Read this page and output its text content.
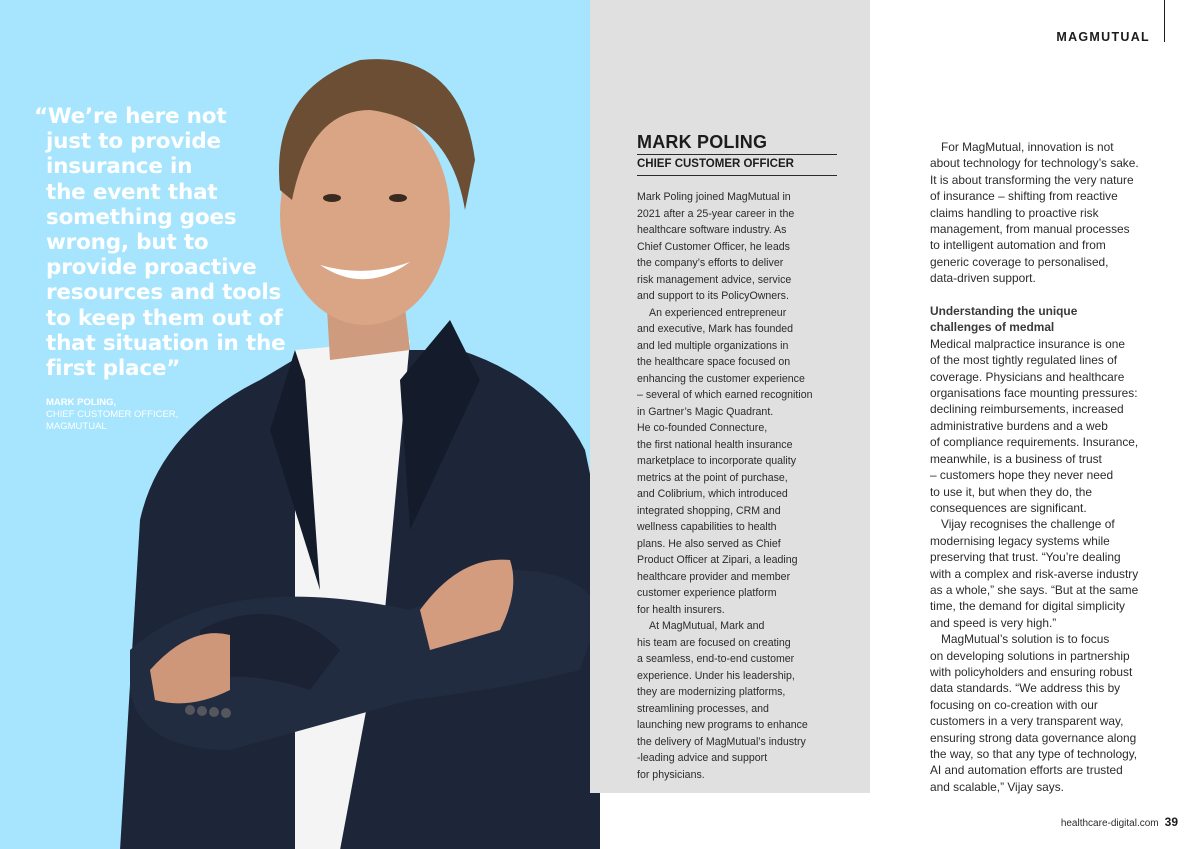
“We’re here not
just to provide
insurance in
the event that
something goes
wrong, but to
provide proactive
resources and tools
to keep them out of
that situation in the
first place”
MARK POLING,
CHIEF CUSTOMER OFFICER,
MAGMUTUAL
MARK POLING
CHIEF CUSTOMER OFFICER
Mark Poling joined MagMutual in
2021 after a 25-year career in the
healthcare software industry. As
Chief Customer Officer, he leads
the company’s efforts to deliver
risk management advice, service
and support to its PolicyOwners.
An experienced entrepreneur
and executive, Mark has founded
and led multiple organizations in
the healthcare space focused on
enhancing the customer experience
– several of which earned recognition
in Gartner’s Magic Quadrant.
He co-founded Connecture,
the first national health insurance
marketplace to incorporate quality
metrics at the point of purchase,
and Colibrium, which introduced
integrated shopping, CRM and
wellness capabilities to health
plans. He also served as Chief
Product Officer at Zipari, a leading
healthcare provider and member
customer experience platform
for health insurers.
At MagMutual, Mark and
his team are focused on creating
a seamless, end-to-end customer
experience. Under his leadership,
they are modernizing platforms,
streamlining processes, and
launching new programs to enhance
the delivery of MagMutual’s industry
-leading advice and support
for physicians.
MAGMUTUAL
For MagMutual, innovation is not
about technology for technology’s sake.
It is about transforming the very nature
of insurance – shifting from reactive
claims handling to proactive risk
management, from manual processes
to intelligent automation and from
generic coverage to personalised,
data-driven support.
Understanding the unique
challenges of medmal
Medical malpractice insurance is one
of the most tightly regulated lines of
coverage. Physicians and healthcare
organisations face mounting pressures:
declining reimbursements, increased
administrative burdens and a web
of compliance requirements. Insurance,
meanwhile, is a business of trust
– customers hope they never need
to use it, but when they do, the
consequences are significant.
Vijay recognises the challenge of
modernising legacy systems while
preserving that trust. “You’re dealing
with a complex and risk-averse industry
as a whole,” she says. “But at the same
time, the demand for digital simplicity
and speed is very high.”
MagMutual’s solution is to focus
on developing solutions in partnership
with policyholders and ensuring robust
data standards. “We address this by
focusing on co-creation with our
customers in a very transparent way,
ensuring strong data governance along
the way, so that any type of technology,
AI and automation efforts are trusted
and scalable,” Vijay says.
healthcare-digital.com 39
